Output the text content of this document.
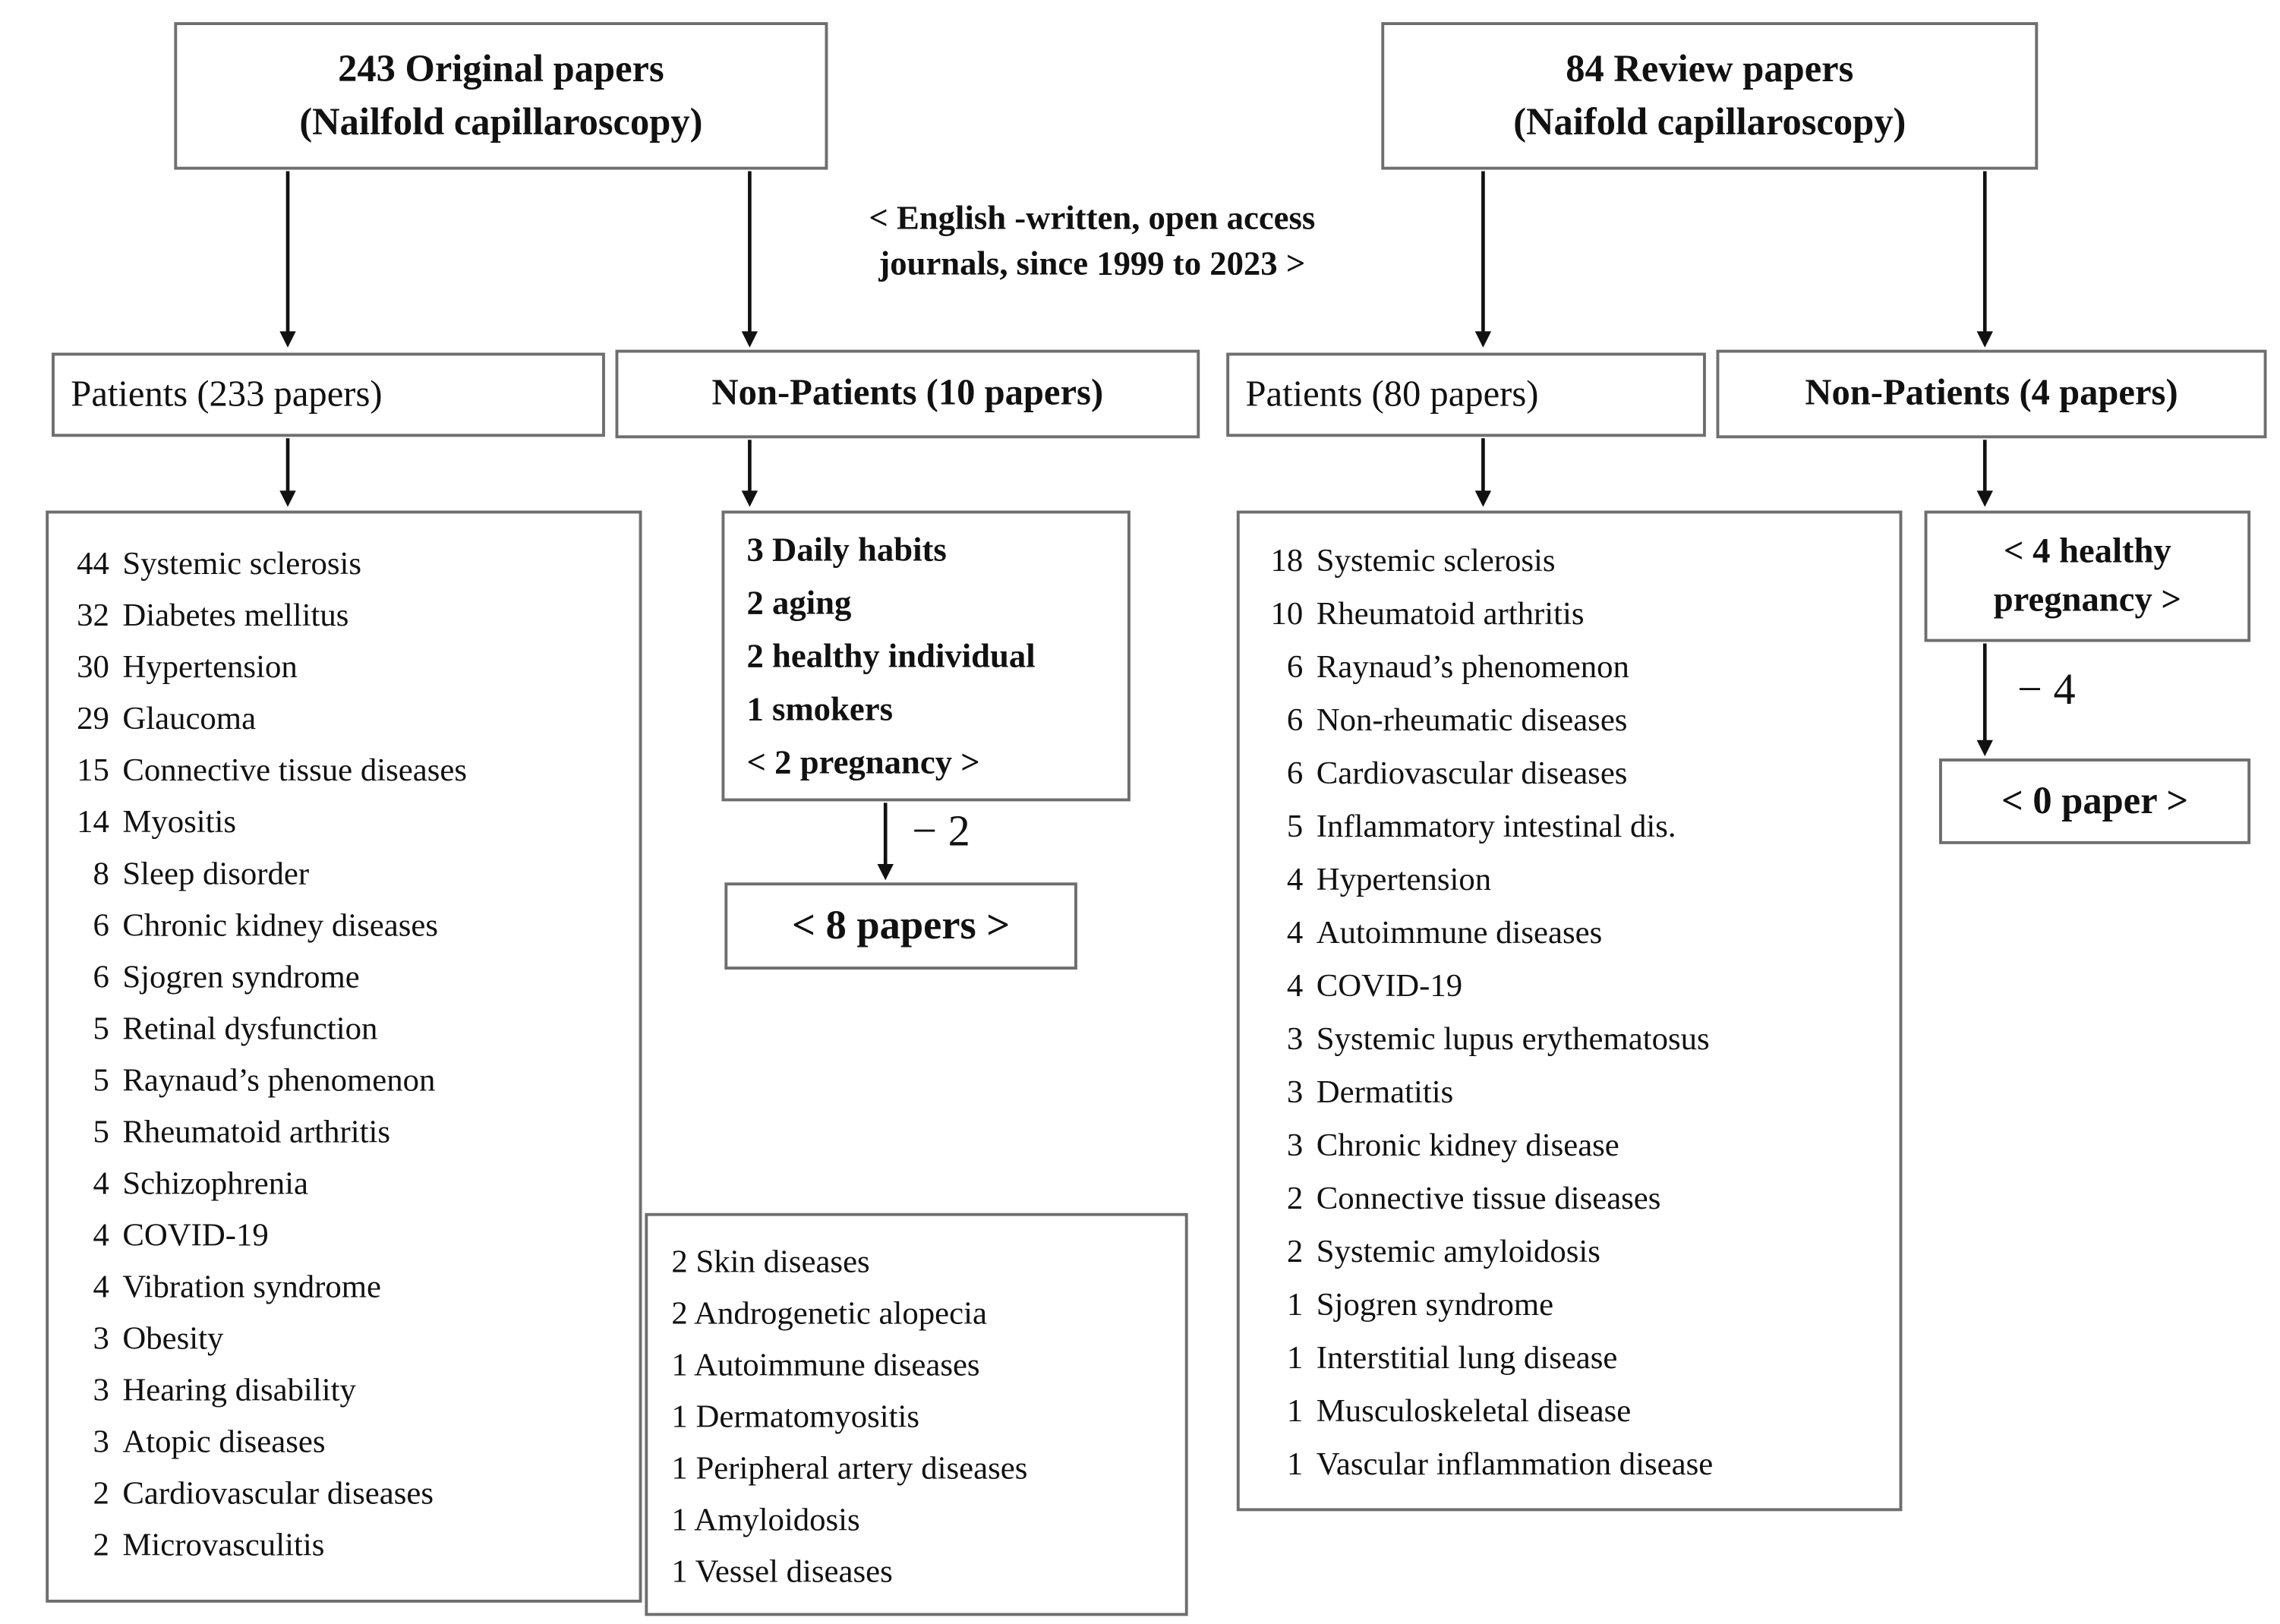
243 Original papers
(Nailfold capillaroscopy)
84 Review papers
(Naifold capillaroscopy)
< English -written, open access
journals, since 1999 to 2023 >
Patients (233 papers)	Non-Patients (10 papers)	Patients (80 papers)	Non-Patients (4 papers)
44 Systemic sclerosis
32 Diabetes mellitus
30 Hypertension
29 Glaucoma
15 Connective tissue diseases
14 Myositis
8 Sleep disorder
6 Chronic kidney diseases
6 Sjogren syndrome
5 Retinal dysfunction
5 Raynaud’s phenomenon
5 Rheumatoid arthritis
4 Schizophrenia
4 COVID-19
4 Vibration syndrome
3 Obesity
3 Hearing disability
3 Atopic diseases
2 Cardiovascular diseases
2 Microvasculitis
3 Daily habits
2 aging
2 healthy individual
1 smokers
< 2 pregnancy >
− 2
< 8 papers >
2 Skin diseases
2 Androgenetic alopecia
1 Autoimmune diseases
1 Dermatomyositis
1 Peripheral artery diseases
1 Amyloidosis
1 Vessel diseases
18 Systemic sclerosis
10 Rheumatoid arthritis
6 Raynaud’s phenomenon
6 Non-rheumatic diseases
6 Cardiovascular diseases
5 Inflammatory intestinal dis.
4 Hypertension
4 Autoimmune diseases
4 COVID-19
3 Systemic lupus erythematosus
3 Dermatitis
3 Chronic kidney disease
2 Connective tissue diseases
2 Systemic amyloidosis
1 Sjogren syndrome
1 Interstitial lung disease
1 Musculoskeletal disease
1 Vascular inflammation disease
< 4 healthy
pregnancy >
− 4
< 0 paper >
